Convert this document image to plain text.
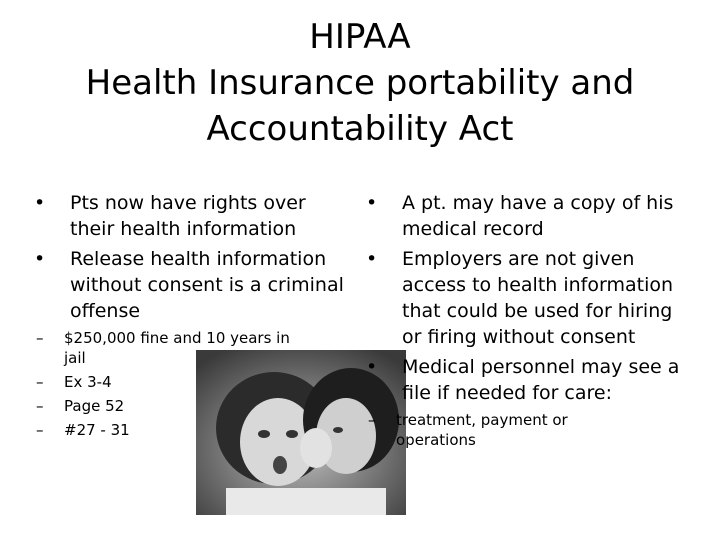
HIPAA
Health Insurance portability and
Accountability Act
•	Pts now have rights over their health information
•	Release health information without consent is a criminal offense
–	$250,000 fine and 10 years in jail
–	Ex 3-4
–	Page 52
–	#27 - 31
•	A pt. may have a copy of his medical record
•	Employers are not given access to health information that could be used for hiring or firing without consent
•	Medical personnel may see a file if needed for care:
–	treatment, payment or operations
